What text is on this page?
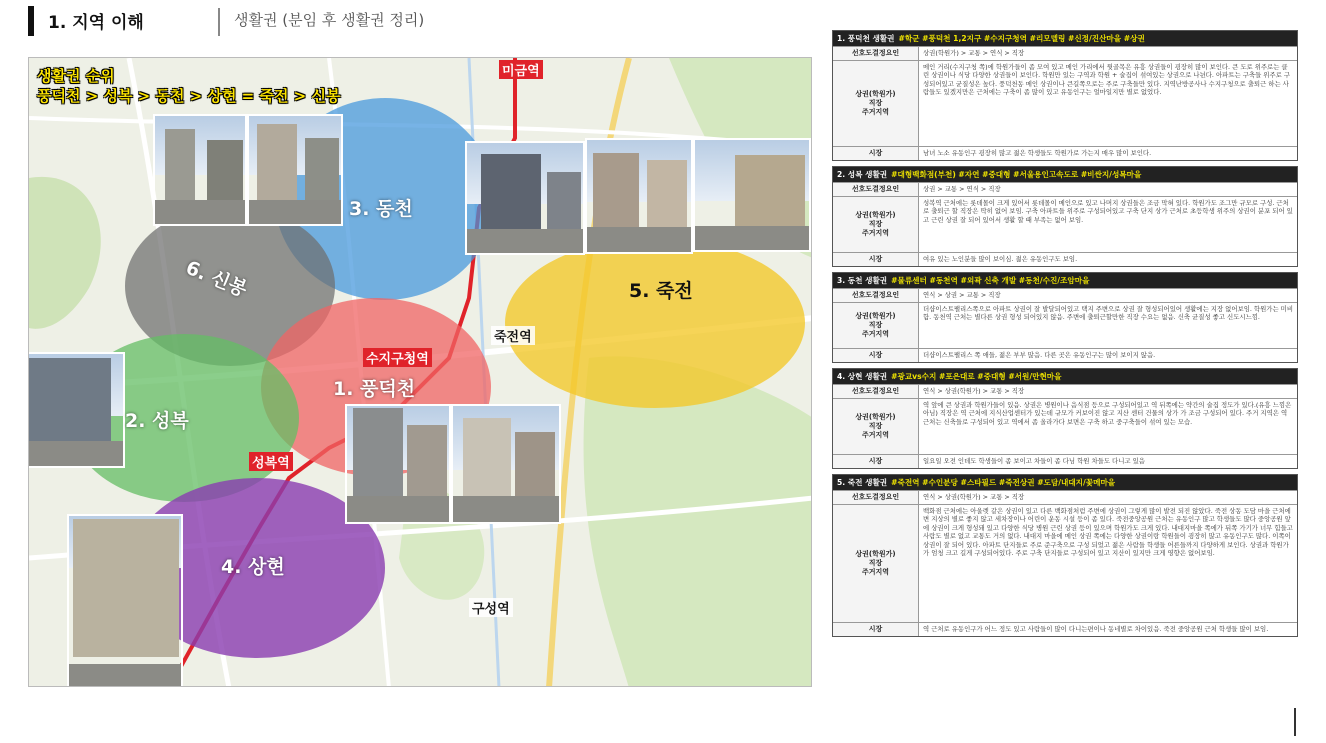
1. 지역 이해	생활권 (분임 후 생활권 정리)
생활권 순위
풍덕천 > 성복 > 동천 > 상현 = 죽전 > 신봉
3. 동천
6. 신봉	5. 죽전
1. 풍덕천
2. 성복
4. 상현
미금역
수지구청역
죽전역
성복역
구성역
1. 풍덕천 생활권 #학군 #풍덕천 1,2지구 #수지구청역 #리모델링 #신정/진산마을 #상권
선호도결정요인	상권(학원가) > 교통 > 연식 > 직장
상권(학원가)
직장
주거지역
메인 거리(수지구청 쪽)에 학원가들이 좀 모여 있고 메인 가리에서 뒷골목은 유흥 상권들이 굉장히 많이 보인다. 큰 도로 위주로는 클린 상권이나 식당 다양한 상권들이 보인다. 학원만 있는 구역과 학원 + 술집이 섞여있는 상권으로 나뉜다. 아파트는 구축들 위주로 구성되어있고 균질성은 높다. 풍덕천동 메인 상권이나 큰길쪽으로는 주로 구축들만 있다. 지역난방공사나 수지구청으로 출퇴근 하는 사람들도 있겠지만은 근처에는 구축이 좀 많이 있고 유동인구는 얼마일지만 별로 없었다.
시장	남녀 노소 유동인구 굉장히 많고 젊은 학생들도 학원가로 가는지 매우 많이 보인다.
2. 성복 생활권 #대형백화점(부천) #자연 #중대형 #서울용인고속도로 #비싼지/성복마을
선호도결정요인	상권 > 교통 > 연식 > 직장
상권(학원가)
직장
주거지역
성복역 근처에는 롯데몰이 크게 있어서 롯데몰이 메인으로 있고 나머지 상권들은 조금 막혀 있다. 학원가도 조그만 규모로 구성. 근처로 출퇴근 할 직장은 딱히 없어 보임. 구축 아파트들 위주로 구성되어있고 구축 단지 상가 근처로 초등학생 위주의 상권이 분포 되어 있고 근린 상권 잘 되어 있어서 생활 할 때 부족는 없어 보임.
시장	여유 있는 노인분들 많이 보이심. 젊은 유동인구도 보임.
3. 동천 생활권 #물류센터 #동천역 #외곽 신축 개발 #동천/수진/조암마을
선호도결정요인	연식 > 상권 > 교통 > 직장
상권(학원가)
직장
주거지역
더샵이스트팰리스쪽으로 아파트 상권이 잘 발달되어있고 택지 주변으로 상권 잘 형성되어있어 생활에는 지장 없어보임. 학원가는 미비함. 동천역 근처는 별다른 상권 형성 되어있지 않음. 주변에 출퇴근할만한 직장 수요는 없음. 신축 균질성 좋고 신도시느낌.
시장	더샵이스트팰리스 쪽 애들, 젊은 부부 많음. 다른 곳은 유동인구는 많이 보이지 않음.
4. 상현 생활권 #광교vs수지 #포은대로 #중대형 #서원/만현마을
선호도결정요인	연식 > 상권(학원가) > 교통 > 직장
상권(학원가)
직장
주거지역
역 앞에 큰 상권과 학원가들이 있음. 상권은 병원이나 음식점 등으로 구성되어있고 역 뒤쪽에는 약간의 술집 정도가 있다.(유흥 느낌은 아님) 직장은 역 근처에 지식산업센터가 있는데 규모가 커보이진 않고 지산 센터 건물의 상가 가 조금 구성되어 있다. 주거 지역은 역 근처는 신축들로 구성되어 있고 역에서 좀 올라가다 보면은 구축 하고 중구축들이 섞여 있는 모습.
시장	일요일 오전 인데도 학생들이 좀 보이고 차들이 좀 다님 학원 차들도 다니고 있음
5. 죽전 생활권 #죽전역 #수인분당 #스타필드 #죽전상권 #도담/내대지/꽃메마을
선호도결정요인	연식 > 상권(학원가) > 교통 > 직장
상권(학원가)
직장
주거지역
백화점 근처에는 아울렛 같은 상권이 있고 다른 백화점처럼 주변에 상권이 그렇게 많이 발전 되진 않았다. 죽전 상동 도담 마을 근처에 변 지상의 별로 좋지 않고 세차장이나 어린이 운동 시설 등이 좀 있다. 죽전중앙공원 근처는 유동인구 많고 학생들도 많다 중앙공원 앞에 상권이 크게 형성돼 있고 다양한 식당 병원 근린 상권 등이 있으며 학원가도 크게 있다. 내대지마을 쪽에가 뒤쪽 가기가 너무 힘들고 사람도 별로 없고 교통도 거의 없다. 내대지 마을에 메인 상권 쪽에는 다양한 상권이랑 학원들이 굉장히 많고 유동인구도 많다. 이쪽이 상권이 잘 되어 있다. 아파트 단지들로 주로 준구축으로 구성 되었고 젊은 사람들 학생들 어른들까지 다양하게 보인다. 상권과 학원가가 엄청 크고 길게 구성되어있다. 주로 구축 단지들로 구성되어 있고 지산이 있지만 크게 영향은 없어보임.
시장	역 근처로 유동인구가 어느 정도 있고 사람들이 많이 다니는편이나 동네별로 차이있음. 죽전 중앙공원 근처 학생들 많이 보임.
